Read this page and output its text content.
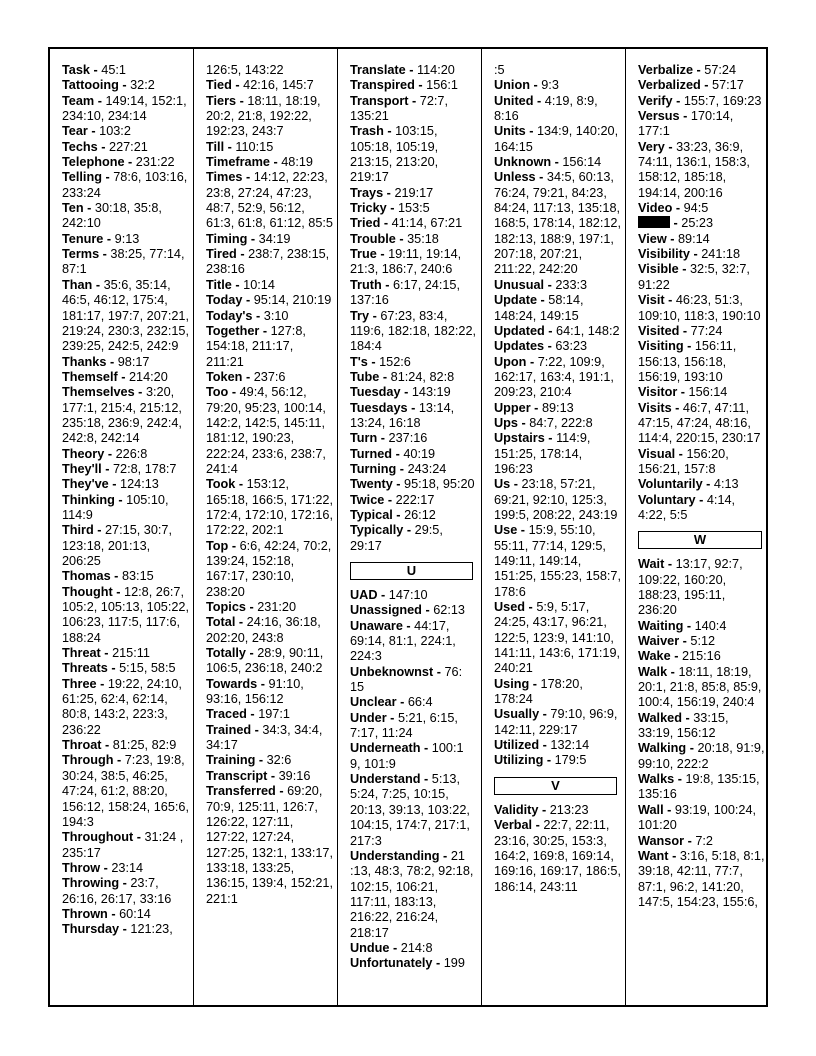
Task - 45:1
Tattooing - 32:2
Team - 149:14, 152:1, 234:10, 234:14
Tear - 103:2
Techs - 227:21
Telephone - 231:22
Telling - 78:6, 103:16, 233:24
Ten - 30:18, 35:8, 242:10
Tenure - 9:13
Terms - 38:25, 77:14, 87:1
Than - 35:6, 35:14, 46:5, 46:12, 175:4, 181:17, 197:7, 207:21, 219:24, 230:3, 232:15, 239:25, 242:5, 242:9
Thanks - 98:17
Themself - 214:20
Themselves - 3:20, 177:1, 215:4, 215:12, 235:18, 236:9, 242:4, 242:8, 242:14
Theory - 226:8
They'll - 72:8, 178:7
They've - 124:13
Thinking - 105:10, 114:9
Third - 27:15, 30:7, 123:18, 201:13, 206:25
Thomas - 83:15
Thought - 12:8, 26:7, 105:2, 105:13, 105:22, 106:23, 117:5, 117:6, 188:24
Threat - 215:11
Threats - 5:15, 58:5
Three - 19:22, 24:10, 61:25, 62:4, 62:14, 80:8, 143:2, 223:3, 236:22
Throat - 81:25, 82:9
Through - 7:23, 19:8, 30:24, 38:5, 46:25, 47:24, 61:2, 88:20, 156:12, 158:24, 165:6, 194:3
Throughout - 31:24 , 235:17
Throw - 23:14
Throwing - 23:7, 26:16, 26:17, 33:16
Thrown - 60:14
Thursday - 121:23,
126:5, 143:22
Tied - 42:16, 145:7
Tiers - 18:11, 18:19, 20:2, 21:8, 192:22, 192:23, 243:7
Till - 110:15
Timeframe - 48:19
Times - 14:12, 22:23, 23:8, 27:24, 47:23, 48:7, 52:9, 56:12, 61:3, 61:8, 61:12, 85:5
Timing - 34:19
Tired - 238:7, 238:15, 238:16
Title - 10:14
Today - 95:14, 210:19
Today's - 3:10
Together - 127:8, 154:18, 211:17, 211:21
Token - 237:6
Too - 49:4, 56:12, 79:20, 95:23, 100:14, 142:2, 142:5, 145:11, 181:12, 190:23, 222:24, 233:6, 238:7, 241:4
Took - 153:12, 165:18, 166:5, 171:22, 172:4, 172:10, 172:16, 172:22, 202:1
Top - 6:6, 42:24, 70:2, 139:24, 152:18, 167:17, 230:10, 238:20
Topics - 231:20
Total - 24:16, 36:18, 202:20, 243:8
Totally - 28:9, 90:11, 106:5, 236:18, 240:2
Towards - 91:10, 93:16, 156:12
Traced - 197:1
Trained - 34:3, 34:4, 34:17
Training - 32:6
Transcript - 39:16
Transferred - 69:20, 70:9, 125:11, 126:7, 126:22, 127:11, 127:22, 127:24, 127:25, 132:1, 133:17, 133:18, 133:25, 136:15, 139:4, 152:21, 221:1
Translate - 114:20
Transpired - 156:1
Transport - 72:7, 135:21
Trash - 103:15, 105:18, 105:19, 213:15, 213:20, 219:17
Trays - 219:17
Tricky - 153:5
Tried - 41:14, 67:21
Trouble - 35:18
True - 19:11, 19:14, 21:3, 186:7, 240:6
Truth - 6:17, 24:15, 137:16
Try - 67:23, 83:4, 119:6, 182:18, 182:22, 184:4
T's - 152:6
Tube - 81:24, 82:8
Tuesday - 143:19
Tuesdays - 13:14, 13:24, 16:18
Turn - 237:16
Turned - 40:19
Turning - 243:24
Twenty - 95:18, 95:20
Twice - 222:17
Typical - 26:12
Typically - 29:5, 29:17
U
UAD - 147:10
Unassigned - 62:13
Unaware - 44:17, 69:14, 81:1, 224:1, 224:3
Unbeknownst - 76: 15
Unclear - 66:4
Under - 5:21, 6:15, 7:17, 11:24
Underneath - 100:1 9, 101:9
Understand - 5:13, 5:24, 7:25, 10:15, 20:13, 39:13, 103:22, 104:15, 174:7, 217:1, 217:3
Understanding - 21 :13, 48:3, 78:2, 92:18, 102:15, 106:21, 117:11, 183:13, 216:22, 216:24, 218:17
Undue - 214:8
Unfortunately - 199
:5
Union - 9:3
United - 4:19, 8:9, 8:16
Units - 134:9, 140:20, 164:15
Unknown - 156:14
Unless - 34:5, 60:13, 76:24, 79:21, 84:23, 84:24, 117:13, 135:18, 168:5, 178:14, 182:12, 182:13, 188:9, 197:1, 207:18, 207:21, 211:22, 242:20
Unusual - 233:3
Update - 58:14, 148:24, 149:15
Updated - 64:1, 148:2
Updates - 63:23
Upon - 7:22, 109:9, 162:17, 163:4, 191:1, 209:23, 210:4
Upper - 89:13
Ups - 84:7, 222:8
Upstairs - 114:9, 151:25, 178:14, 196:23
Us - 23:18, 57:21, 69:21, 92:10, 125:3, 199:5, 208:22, 243:19
Use - 15:9, 55:10, 55:11, 77:14, 129:5, 149:11, 149:14, 151:25, 155:23, 158:7, 178:6
Used - 5:9, 5:17, 24:25, 43:17, 96:21, 122:5, 123:9, 141:10, 141:11, 143:6, 171:19, 240:21
Using - 178:20, 178:24
Usually - 79:10, 96:9, 142:11, 229:17
Utilized - 132:14
Utilizing - 179:5
V
Validity - 213:23
Verbal - 22:7, 22:11, 23:16, 30:25, 153:3, 164:2, 169:8, 169:14, 169:16, 169:17, 186:5, 186:14, 243:11
Verbalize - 57:24
Verbalized - 57:17
Verify - 155:7, 169:23
Versus - 170:14, 177:1
Very - 33:23, 36:9, 74:11, 136:1, 158:3, 158:12, 185:18, 194:14, 200:16
Video - 94:5
- 25:23
View - 89:14
Visibility - 241:18
Visible - 32:5, 32:7, 91:22
Visit - 46:23, 51:3, 109:10, 118:3, 190:10
Visited - 77:24
Visiting - 156:11, 156:13, 156:18, 156:19, 193:10
Visitor - 156:14
Visits - 46:7, 47:11, 47:15, 47:24, 48:16, 114:4, 220:15, 230:17
Visual - 156:20, 156:21, 157:8
Voluntarily - 4:13
Voluntary - 4:14, 4:22, 5:5
W
Wait - 13:17, 92:7, 109:22, 160:20, 188:23, 195:11, 236:20
Waiting - 140:4
Waiver - 5:12
Wake - 215:16
Walk - 18:11, 18:19, 20:1, 21:8, 85:8, 85:9, 100:4, 156:19, 240:4
Walked - 33:15, 33:19, 156:12
Walking - 20:18, 91:9, 99:10, 222:2
Walks - 19:8, 135:15, 135:16
Wall - 93:19, 100:24, 101:20
Wansor - 7:2
Want - 3:16, 5:18, 8:1, 39:18, 42:11, 77:7, 87:1, 96:2, 141:20, 147:5, 154:23, 155:6,
